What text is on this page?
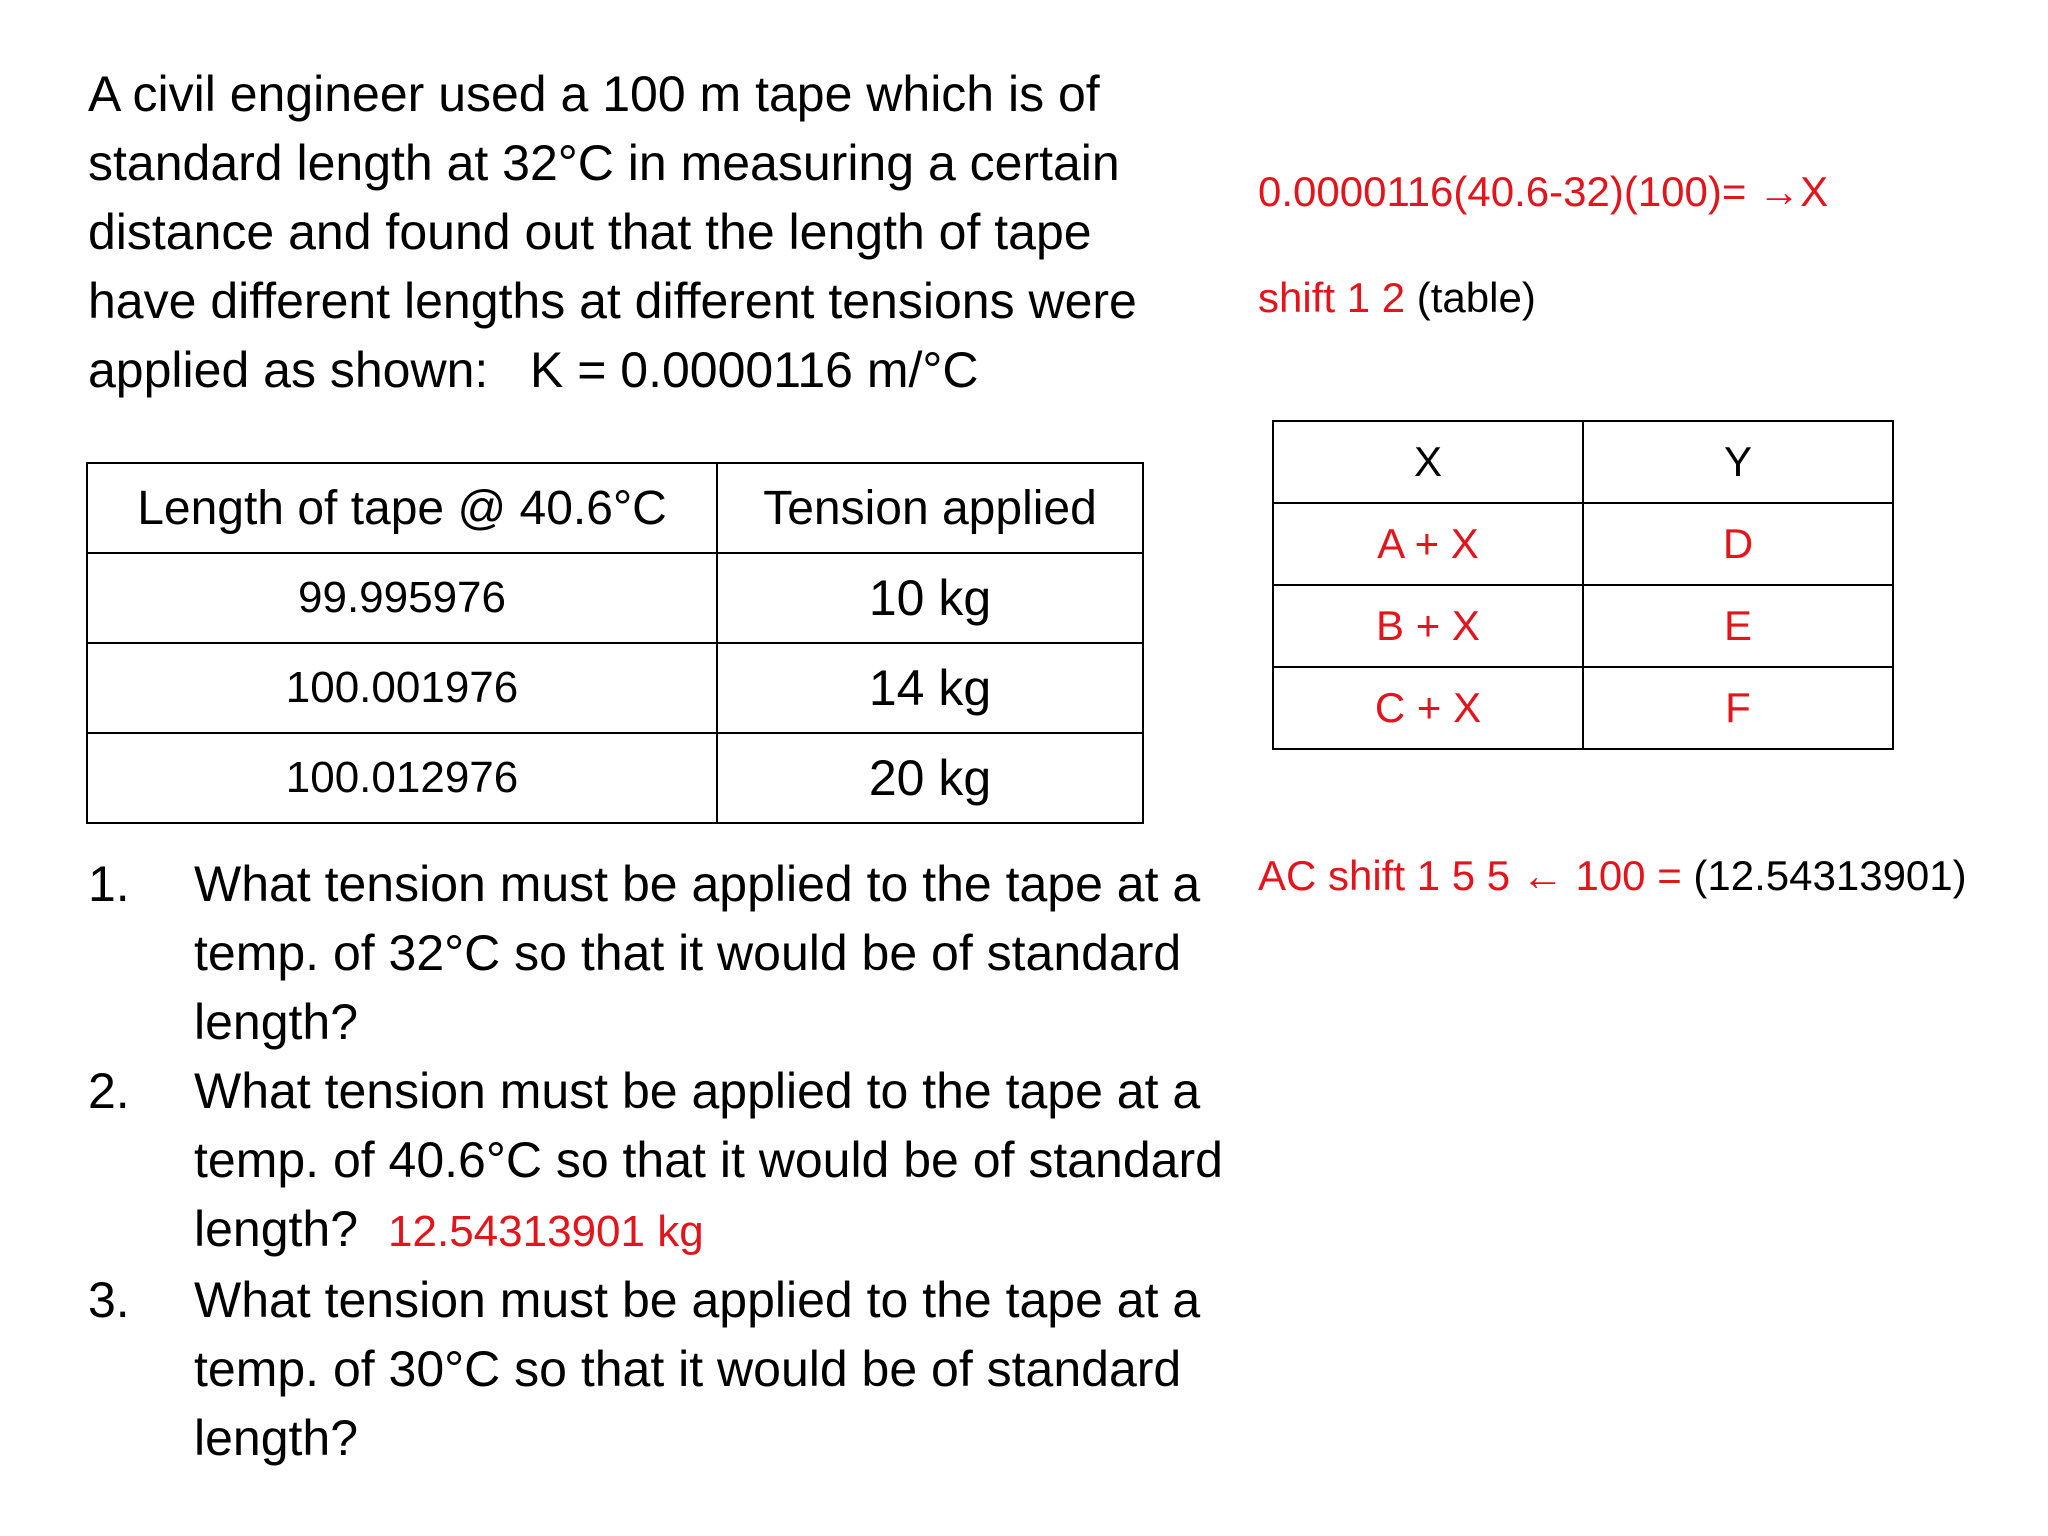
A civil engineer used a 100 m tape which is of standard length at 32°C in measuring a certain distance and found out that the length of tape have different lengths at different tensions were applied as shown: K = 0.0000116 m/°C

Length of tape @ 40.6°C	Tension applied
99.995976	10 kg
100.001976	14 kg
100.012976	20 kg
1. What tension must be applied to the tape at a temp. of 32°C so that it would be of standard length?
2. What tension must be applied to the tape at a temp. of 40.6°C so that it would be of standard length? 12.54313901 kg
3. What tension must be applied to the tape at a temp. of 30°C so that it would be of standard length?
0.0000116(40.6-32)(100)= →X
shift 1 2 (table)
X	Y
A + X	D
B + X	E
C + X	F
AC shift 1 5 5 ← 100 = (12.54313901)
